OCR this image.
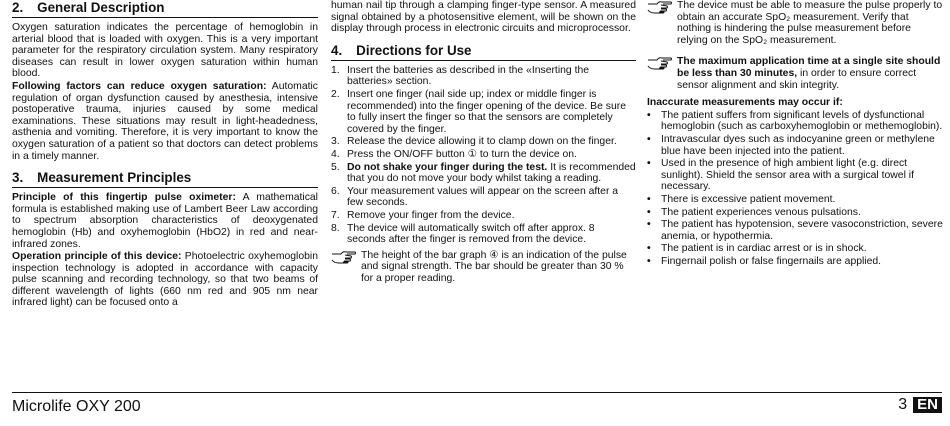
2. General Description

Oxygen saturation indicates the percentage of hemoglobin in arterial blood that is loaded with oxygen. This is a very important parameter for the respiratory circulation system. Many respiratory diseases can result in lower oxygen saturation within human blood.

Following factors can reduce oxygen saturation: Automatic regulation of organ dysfunction caused by anesthesia, intensive postoperative trauma, injuries caused by some medical examinations. These situations may result in light-headedness, asthenia and vomiting. Therefore, it is very important to know the oxygen saturation of a patient so that doctors can detect problems in a timely manner.

3. Measurement Principles

Principle of this fingertip pulse oximeter: A mathematical formula is established making use of Lambert Beer Law according to spectrum absorption characteristics of deoxygenated hemoglobin (Hb) and oxyhemoglobin (HbO2) in red and near-infrared zones.

Operation principle of this device: Photoelectric oxyhemoglobin inspection technology is adopted in accordance with capacity pulse scanning and recording technology, so that two beams of different wavelength of lights (660 nm red and 905 nm near infrared light) can be focused onto a

human nail tip through a clamping finger-type sensor. A measured signal obtained by a photosensitive element, will be shown on the display through process in electronic circuits and microprocessor.

4. Directions for Use
1. Insert the batteries as described in the «Inserting the batteries» section.
2. Insert one finger (nail side up; index or middle finger is recommended) into the finger opening of the device. Be sure to fully insert the finger so that the sensors are completely covered by the finger.
3. Release the device allowing it to clamp down on the finger.
4. Press the ON/OFF button ① to turn the device on.
5. Do not shake your finger during the test. It is recommended that you do not move your body whilst taking a reading.
6. Your measurement values will appear on the screen after a few seconds.
7. Remove your finger from the device.
8. The device will automatically switch off after approx. 8 seconds after the finger is removed from the device.
The height of the bar graph ④ is an indication of the pulse and signal strength. The bar should be greater than 30 % for a proper reading.
The device must be able to measure the pulse properly to obtain an accurate SpO₂ measurement. Verify that nothing is hindering the pulse measurement before relying on the SpO₂ measurement.
The maximum application time at a single site should be less than 30 minutes, in order to ensure correct sensor alignment and skin integrity.
Inaccurate measurements may occur if:
• The patient suffers from significant levels of dysfunctional hemoglobin (such as carboxyhemoglobin or methemoglobin).
• Intravascular dyes such as indocyanine green or methylene blue have been injected into the patient.
• Used in the presence of high ambient light (e.g. direct sunlight). Shield the sensor area with a surgical towel if necessary.
• There is excessive patient movement.
• The patient experiences venous pulsations.
• The patient has hypotension, severe vasoconstriction, severe anemia, or hypothermia.
• The patient is in cardiac arrest or is in shock.
• Fingernail polish or false fingernails are applied.
Microlife OXY 200	3 EN
